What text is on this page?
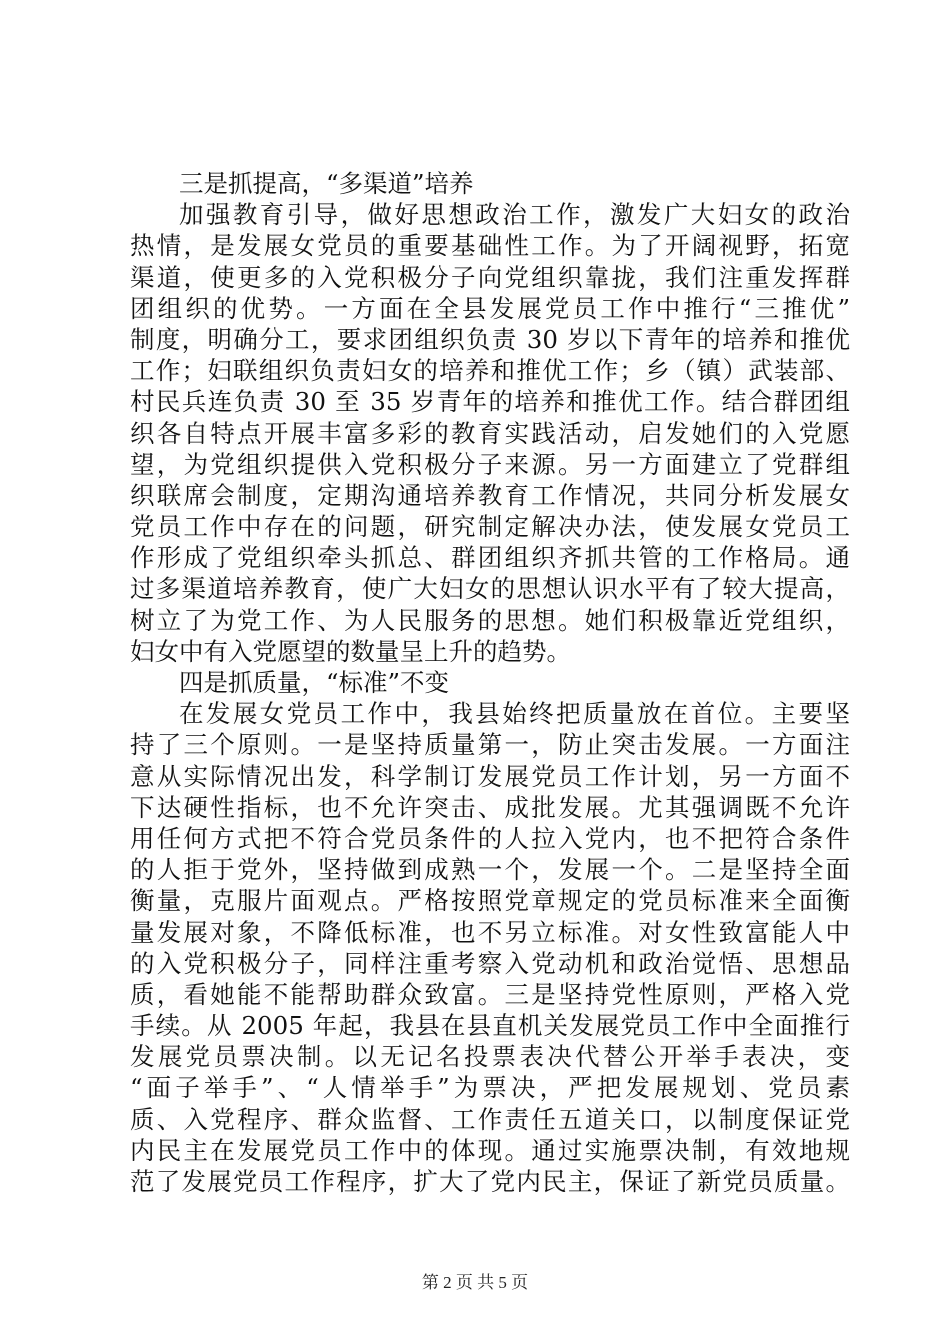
三是抓提高，“多渠道”培养
加强教育引导，做好思想政治工作，激发广大妇女的政治
热情，是发展女党员的重要基础性工作。为了开阔视野，拓宽
渠道，使更多的入党积极分子向党组织靠拢，我们注重发挥群
团组织的优势。一方面在全县发展党员工作中推行“三推优”
制度，明确分工，要求团组织负责 30 岁以下青年的培养和推优
工作；妇联组织负责妇女的培养和推优工作；乡（镇）武装部、
村民兵连负责 30 至 35 岁青年的培养和推优工作。结合群团组
织各自特点开展丰富多彩的教育实践活动，启发她们的入党愿
望，为党组织提供入党积极分子来源。另一方面建立了党群组
织联席会制度，定期沟通培养教育工作情况，共同分析发展女
党员工作中存在的问题，研究制定解决办法，使发展女党员工
作形成了党组织牵头抓总、群团组织齐抓共管的工作格局。通
过多渠道培养教育，使广大妇女的思想认识水平有了较大提高，
树立了为党工作、为人民服务的思想。她们积极靠近党组织，
妇女中有入党愿望的数量呈上升的趋势。
四是抓质量，“标准”不变
在发展女党员工作中，我县始终把质量放在首位。主要坚
持了三个原则。一是坚持质量第一，防止突击发展。一方面注
意从实际情况出发，科学制订发展党员工作计划，另一方面不
下达硬性指标，也不允许突击、成批发展。尤其强调既不允许
用任何方式把不符合党员条件的人拉入党内，也不把符合条件
的人拒于党外，坚持做到成熟一个，发展一个。二是坚持全面
衡量，克服片面观点。严格按照党章规定的党员标准来全面衡
量发展对象，不降低标准，也不另立标准。对女性致富能人中
的入党积极分子，同样注重考察入党动机和政治觉悟、思想品
质，看她能不能帮助群众致富。三是坚持党性原则，严格入党
手续。从 2005 年起，我县在县直机关发展党员工作中全面推行
发展党员票决制。以无记名投票表决代替公开举手表决，变
“面子举手”、“人情举手”为票决，严把发展规划、党员素
质、入党程序、群众监督、工作责任五道关口，以制度保证党
内民主在发展党员工作中的体现。通过实施票决制，有效地规
范了发展党员工作程序，扩大了党内民主，保证了新党员质量。
第 2 页 共 5 页
